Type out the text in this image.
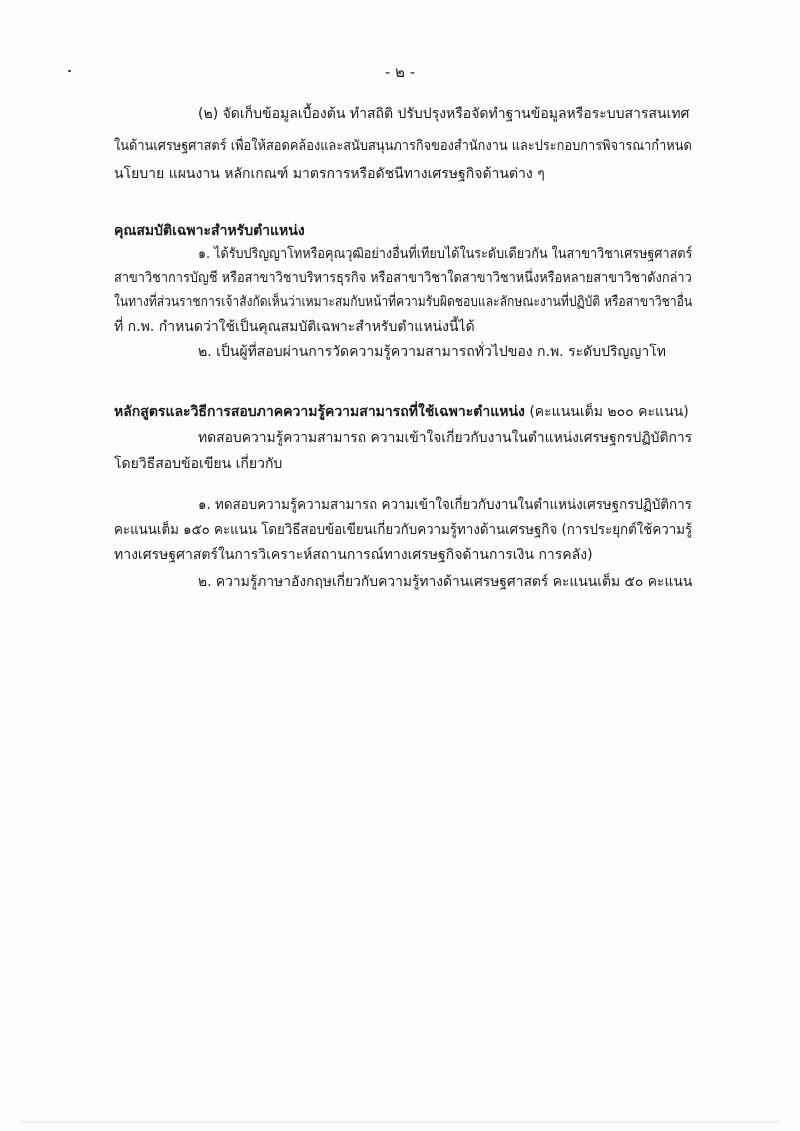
- ๒ -
(๒) จัดเก็บข้อมูลเบื้องต้น ทำสถิติ ปรับปรุงหรือจัดทำฐานข้อมูลหรือระบบสารสนเทศ
ในด้านเศรษฐศาสตร์ เพื่อให้สอดคล้องและสนับสนุนภารกิจของสำนักงาน และประกอบการพิจารณากำหนด
นโยบาย แผนงาน หลักเกณฑ์ มาตรการหรือดัชนีทางเศรษฐกิจด้านต่าง ๆ
คุณสมบัติเฉพาะสำหรับตำแหน่ง
๑. ได้รับปริญญาโทหรือคุณวุฒิอย่างอื่นที่เทียบได้ในระดับเดียวกัน ในสาขาวิชาเศรษฐศาสตร์
สาขาวิชาการบัญชี หรือสาขาวิชาบริหารธุรกิจ หรือสาขาวิชาใดสาขาวิชาหนึ่งหรือหลายสาขาวิชาดังกล่าว
ในทางที่ส่วนราชการเจ้าสังกัดเห็นว่าเหมาะสมกับหน้าที่ความรับผิดชอบและลักษณะงานที่ปฏิบัติ หรือสาขาวิชาอื่น
ที่ ก.พ. กำหนดว่าใช้เป็นคุณสมบัติเฉพาะสำหรับตำแหน่งนี้ได้
๒. เป็นผู้ที่สอบผ่านการวัดความรู้ความสามารถทั่วไปของ ก.พ. ระดับปริญญาโท
หลักสูตรและวิธีการสอบภาคความรู้ความสามารถที่ใช้เฉพาะตำแหน่ง (คะแนนเต็ม ๒๐๐ คะแนน)
ทดสอบความรู้ความสามารถ ความเข้าใจเกี่ยวกับงานในตำแหน่งเศรษฐกรปฏิบัติการ
โดยวิธีสอบข้อเขียน เกี่ยวกับ
๑. ทดสอบความรู้ความสามารถ ความเข้าใจเกี่ยวกับงานในตำแหน่งเศรษฐกรปฏิบัติการ
คะแนนเต็ม ๑๕๐ คะแนน โดยวิธีสอบข้อเขียนเกี่ยวกับความรู้ทางด้านเศรษฐกิจ (การประยุกต์ใช้ความรู้
ทางเศรษฐศาสตร์ในการวิเคราะห์สถานการณ์ทางเศรษฐกิจด้านการเงิน การคลัง)
๒. ความรู้ภาษาอังกฤษเกี่ยวกับความรู้ทางด้านเศรษฐศาสตร์ คะแนนเต็ม ๕๐ คะแนน
